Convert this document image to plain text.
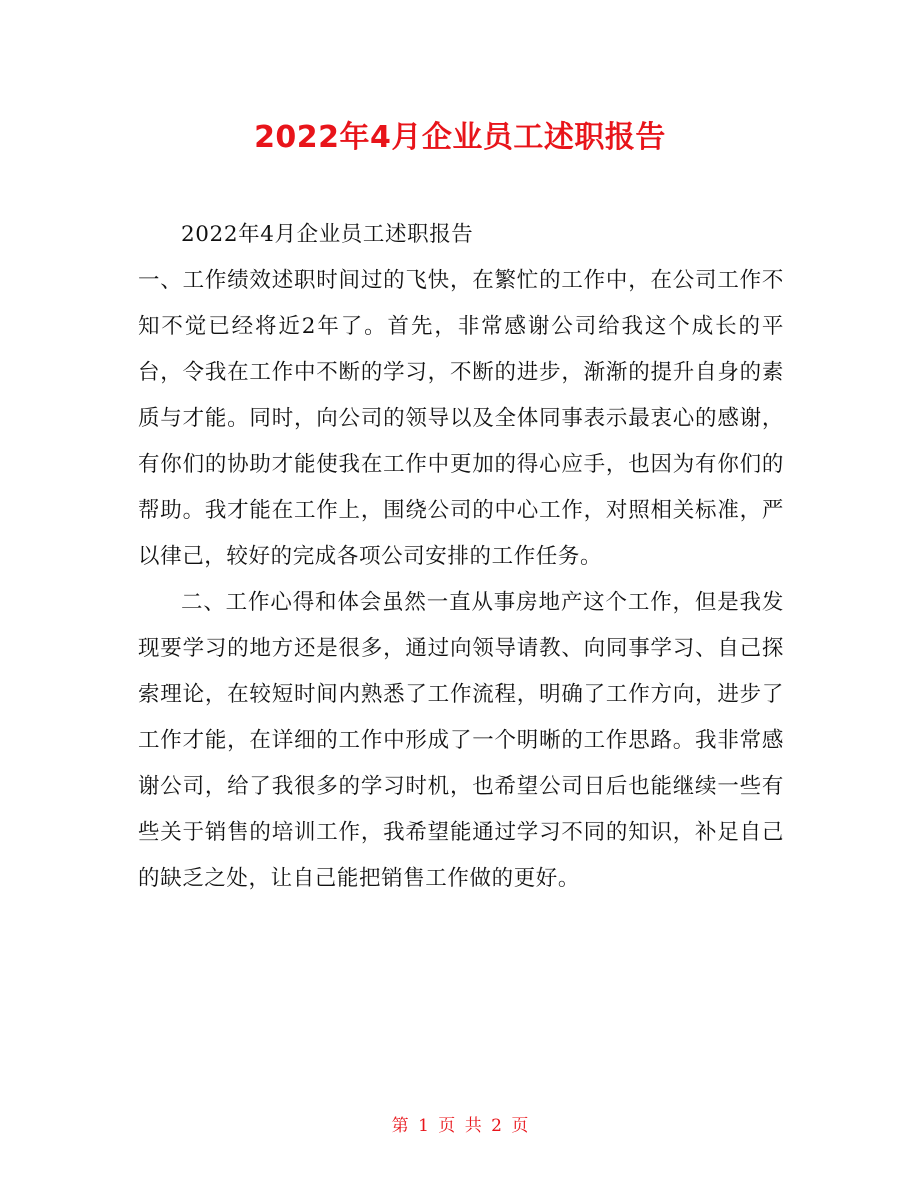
2022年4月企业员工述职报告

2022年4月企业员工述职报告

一、工作绩效述职时间过的飞快，在繁忙的工作中，在公司工作不知不觉已经将近2年了。首先，非常感谢公司给我这个成长的平台，令我在工作中不断的学习，不断的进步，渐渐的提升自身的素质与才能。同时，向公司的领导以及全体同事表示最衷心的感谢，有你们的协助才能使我在工作中更加的得心应手，也因为有你们的帮助。我才能在工作上，围绕公司的中心工作，对照相关标准，严以律己，较好的完成各项公司安排的工作任务。

二、工作心得和体会虽然一直从事房地产这个工作，但是我发现要学习的地方还是很多，通过向领导请教、向同事学习、自己探索理论，在较短时间内熟悉了工作流程，明确了工作方向，进步了工作才能，在详细的工作中形成了一个明晰的工作思路。我非常感谢公司，给了我很多的学习时机，也希望公司日后也能继续一些有些关于销售的培训工作，我希望能通过学习不同的知识，补足自己的缺乏之处，让自己能把销售工作做的更好。

第 1 页 共 2 页
